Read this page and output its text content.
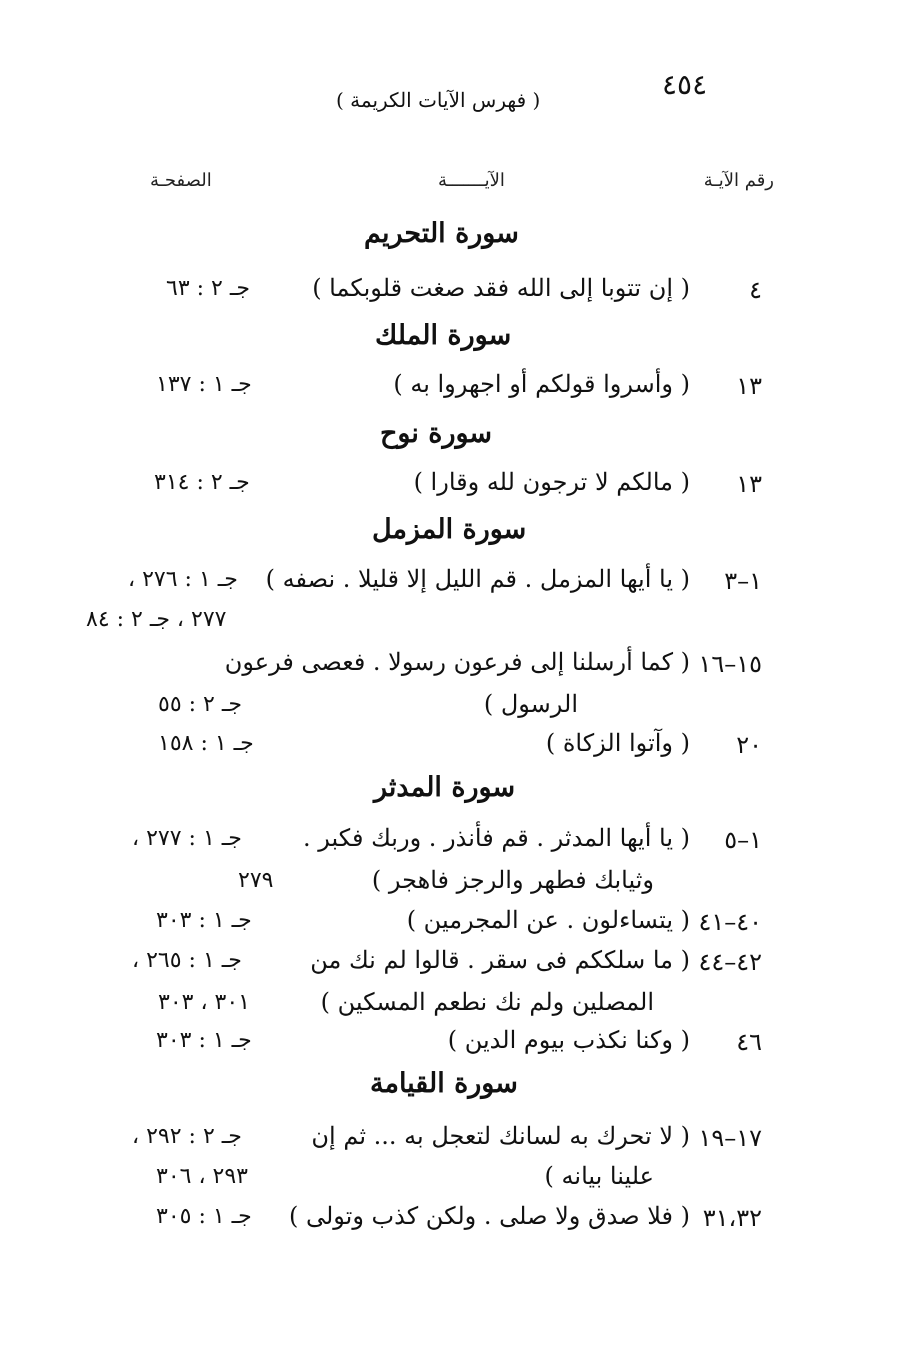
٤٥٤
( فهرس الآيات الكريمة )
رقم الآيـة
الآيـــــــة
الصفحـة
سورة التحريم
٤
( إن تتوبا إلى الله فقد صغت قلوبكما )
جـ ٢ : ٦٣
سورة الملك
١٣
( وأسروا قولكم أو اجهروا به )
جـ ١ : ١٣٧
سورة نوح
١٣
( مالكم لا ترجون لله وقارا )
جـ ٢ : ٣١٤
سورة المزمل
١–٣
( يا أيها المزمل . قم الليل إلا قليلا . نصفه )
جـ ١ : ٢٧٦ ،
٢٧٧ ، جـ ٢ : ٨٤
١٥–١٦
( كما أرسلنا إلى فرعون رسولا . فعصى فرعون
الرسول )
جـ ٢ : ٥٥
٢٠
( وآتوا الزكاة )
جـ ١ : ١٥٨
سورة المدثر
١–٥
( يا أيها المدثر . قم فأنذر . وربك فكبر .
جـ ١ : ٢٧٧ ،
وثيابك فطهر والرجز فاهجر )
٢٧٩
٤٠–٤١
( يتساءلون . عن المجرمين )
جـ ١ : ٣٠٣
٤٢–٤٤
( ما سلككم فى سقر . قالوا لم نك من
جـ ١ : ٢٦٥ ،
المصلين ولم نك نطعم المسكين )
٣٠١ ، ٣٠٣
٤٦
( وكنا نكذب بيوم الدين )
جـ ١ : ٣٠٣
سورة القيامة
١٧–١٩
( لا تحرك به لسانك لتعجل به ... ثم إن
جـ ٢ : ٢٩٢ ،
علينا بيانه )
٢٩٣ ، ٣٠٦
٣١،٣٢
( فلا صدق ولا صلى . ولكن كذب وتولى )
جـ ١ : ٣٠٥
